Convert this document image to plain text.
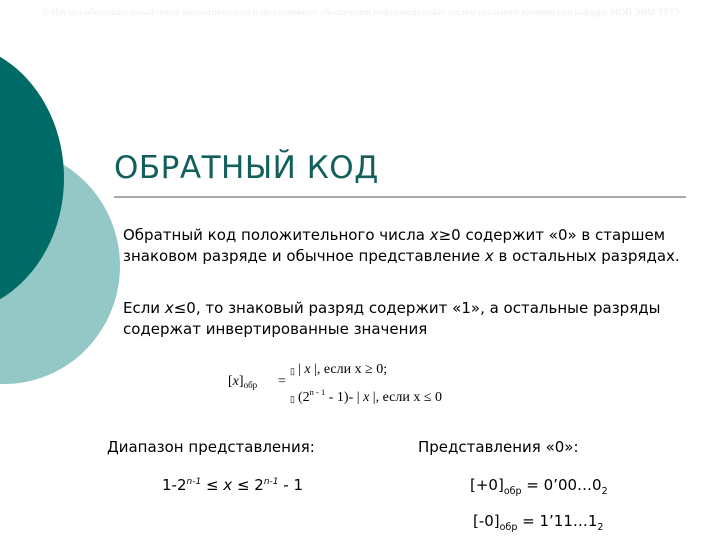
© Научно-образовательный центр математического и программного обеспечения информационных систем реального времени при кафедре МОП ЭВМ ТРТУ
ОБРАТНЫЙ КОД

Обратный код положительного числа x≥0 содержит «0» в старшем знаковом разряде и обычное представление x в остальных разрядах.

Если x≤0, то знаковый разряд содержит «1», а остальные разряды содержат инвертированные значения

$[x]_{обр}$ =
▯
▯
| x |, если x ≥ 0;
(2$^{n - 1}$ - 1)- | x |, если x ≤ 0
Диапазон представления:
$1-2^{n-1} \le x \le 2^{n-1} - 1$
Представления «0»:
$[+0]_{обр}$ = $0’00\dots 0_2$
$[-0]_{обр}$ = $1’11\dots 1_2$
